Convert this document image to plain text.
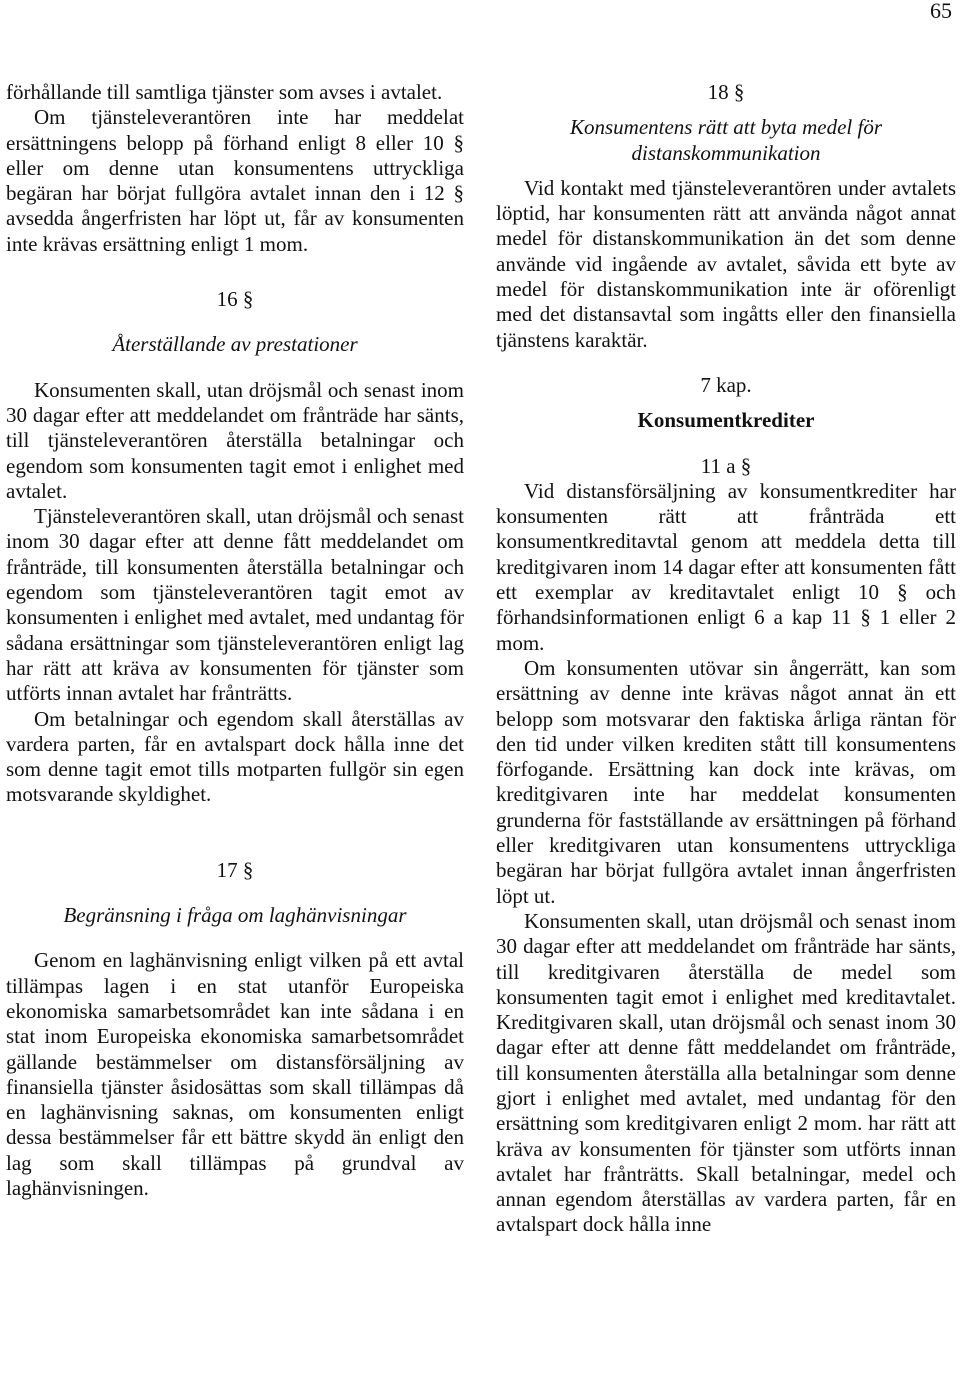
65

förhållande till samtliga tjänster som avses i avtalet.

Om tjänsteleverantören inte har meddelat ersättningens belopp på förhand enligt 8 eller 10 § eller om denne utan konsumentens uttryckliga begäran har börjat fullgöra avtalet innan den i 12 § avsedda ångerfristen har löpt ut, får av konsumenten inte krävas ersättning enligt 1 mom.

16 §

Återställande av prestationer

Konsumenten skall, utan dröjsmål och senast inom 30 dagar efter att meddelandet om frånträde har sänts, till tjänsteleverantören återställa betalningar och egendom som konsumenten tagit emot i enlighet med avtalet.

Tjänsteleverantören skall, utan dröjsmål och senast inom 30 dagar efter att denne fått meddelandet om frånträde, till konsumenten återställa betalningar och egendom som tjänsteleverantören tagit emot av konsumenten i enlighet med avtalet, med undantag för sådana ersättningar som tjänsteleverantören enligt lag har rätt att kräva av konsumenten för tjänster som utförts innan avtalet har frånträtts.

Om betalningar och egendom skall återställas av vardera parten, får en avtalspart dock hålla inne det som denne tagit emot tills motparten fullgör sin egen motsvarande skyldighet.

17 §

Begränsning i fråga om laghänvisningar

Genom en laghänvisning enligt vilken på ett avtal tillämpas lagen i en stat utanför Europeiska ekonomiska samarbetsområdet kan inte sådana i en stat inom Europeiska ekonomiska samarbetsområdet gällande bestämmelser om distansförsäljning av finansiella tjänster åsidosättas som skall tillämpas då en laghänvisning saknas, om konsumenten enligt dessa bestämmelser får ett bättre skydd än enligt den lag som skall tillämpas på grundval av laghänvisningen.

18 §

Konsumentens rätt att byta medel för distanskommunikation

Vid kontakt med tjänsteleverantören under avtalets löptid, har konsumenten rätt att använda något annat medel för distanskommunikation än det som denne använde vid ingående av avtalet, såvida ett byte av medel för distanskommunikation inte är oförenligt med det distansavtal som ingåtts eller den finansiella tjänstens karaktär.

7 kap.

Konsumentkrediter

11 a §

Vid distansförsäljning av konsumentkrediter har konsumenten rätt att frånträda ett konsumentkreditavtal genom att meddela detta till kreditgivaren inom 14 dagar efter att konsumenten fått ett exemplar av kreditavtalet enligt 10 § och förhandsinformationen enligt 6 a kap 11 § 1 eller 2 mom.

Om konsumenten utövar sin ångerrätt, kan som ersättning av denne inte krävas något annat än ett belopp som motsvarar den faktiska årliga räntan för den tid under vilken krediten stått till konsumentens förfogande. Ersättning kan dock inte krävas, om kreditgivaren inte har meddelat konsumenten grunderna för fastställande av ersättningen på förhand eller kreditgivaren utan konsumentens uttryckliga begäran har börjat fullgöra avtalet innan ångerfristen löpt ut.

Konsumenten skall, utan dröjsmål och senast inom 30 dagar efter att meddelandet om frånträde har sänts, till kreditgivaren återställa de medel som konsumenten tagit emot i enlighet med kreditavtalet. Kreditgivaren skall, utan dröjsmål och senast inom 30 dagar efter att denne fått meddelandet om frånträde, till konsumenten återställa alla betalningar som denne gjort i enlighet med avtalet, med undantag för den ersättning som kreditgivaren enligt 2 mom. har rätt att kräva av konsumenten för tjänster som utförts innan avtalet har frånträtts. Skall betalningar, medel och annan egendom återställas av vardera parten, får en avtalspart dock hålla inne
